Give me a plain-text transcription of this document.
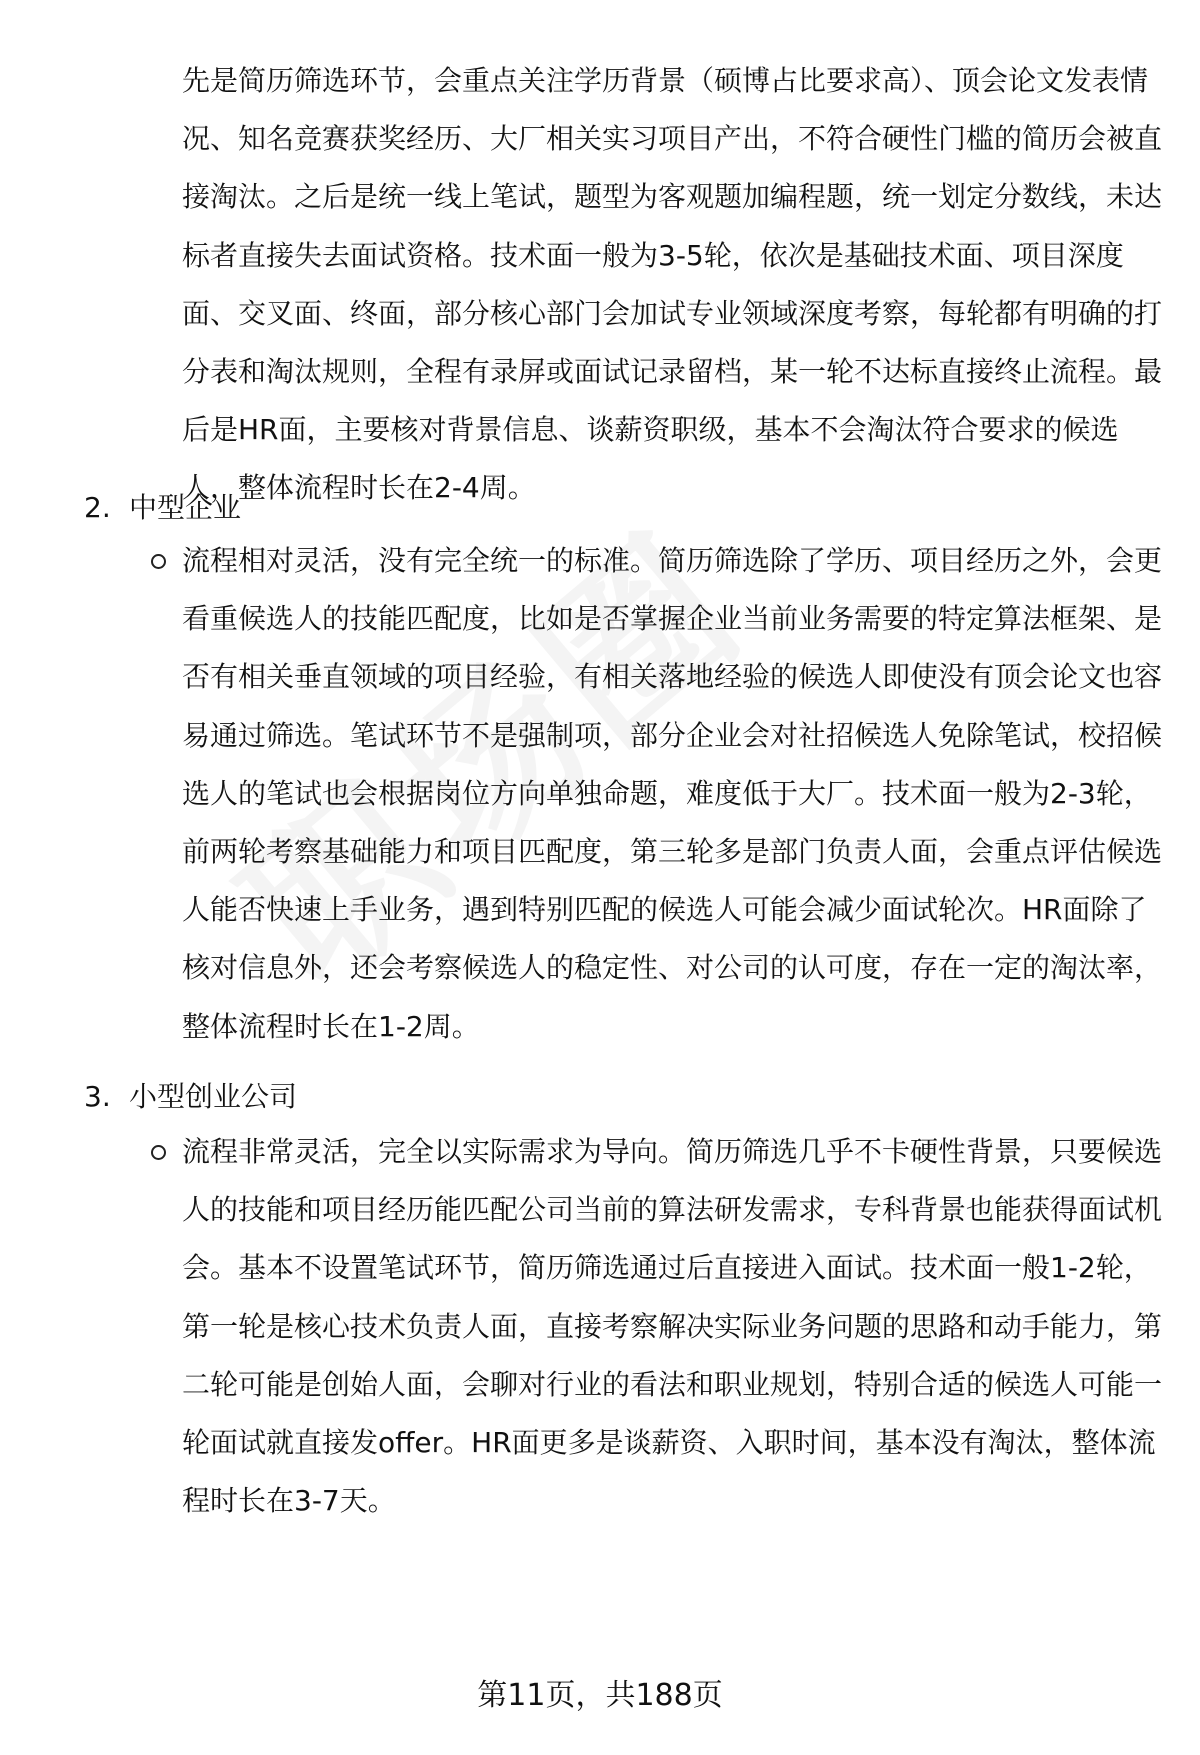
先是简历筛选环节，会重点关注学历背景（硕博占比要求高）、顶会论文发表情况、知名竞赛获奖经历、大厂相关实习项目产出，不符合硬性门槛的简历会被直接淘汰。之后是统一线上笔试，题型为客观题加编程题，统一划定分数线，未达标者直接失去面试资格。技术面一般为3-5轮，依次是基础技术面、项目深度面、交叉面、终面，部分核心部门会加试专业领域深度考察，每轮都有明确的打分表和淘汰规则，全程有录屏或面试记录留档，某一轮不达标直接终止流程。最后是HR面，主要核对背景信息、谈薪资职级，基本不会淘汰符合要求的候选人，整体流程时长在2-4周。

2. 中型企业

流程相对灵活，没有完全统一的标准。简历筛选除了学历、项目经历之外，会更看重候选人的技能匹配度，比如是否掌握企业当前业务需要的特定算法框架、是否有相关垂直领域的项目经验，有相关落地经验的候选人即使没有顶会论文也容易通过筛选。笔试环节不是强制项，部分企业会对社招候选人免除笔试，校招候选人的笔试也会根据岗位方向单独命题，难度低于大厂。技术面一般为2-3轮，前两轮考察基础能力和项目匹配度，第三轮多是部门负责人面，会重点评估候选人能否快速上手业务，遇到特别匹配的候选人可能会减少面试轮次。HR面除了核对信息外，还会考察候选人的稳定性、对公司的认可度，存在一定的淘汰率，整体流程时长在1-2周。

3. 小型创业公司

流程非常灵活，完全以实际需求为导向。简历筛选几乎不卡硬性背景，只要候选人的技能和项目经历能匹配公司当前的算法研发需求，专科背景也能获得面试机会。基本不设置笔试环节，简历筛选通过后直接进入面试。技术面一般1-2轮，第一轮是核心技术负责人面，直接考察解决实际业务问题的思路和动手能力，第二轮可能是创始人面，会聊对行业的看法和职业规划，特别合适的候选人可能一轮面试就直接发offer。HR面更多是谈薪资、入职时间，基本没有淘汰，整体流程时长在3-7天。

第11页，共188页
